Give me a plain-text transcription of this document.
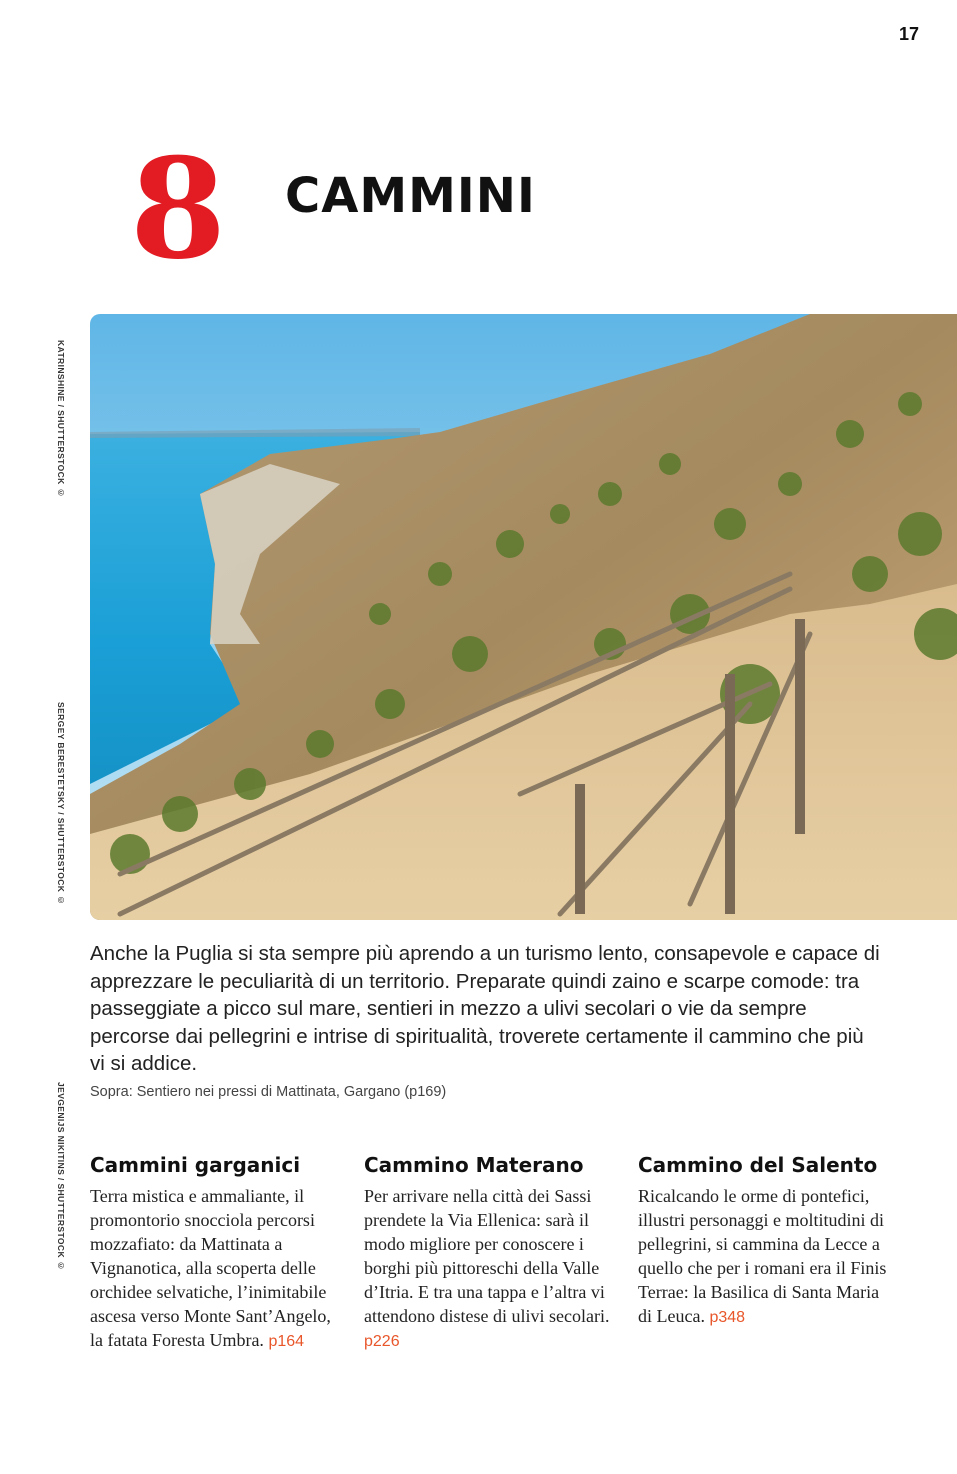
17
8 CAMMINI
KATRINSHINE / SHUTTERSTOCK ©
SERGEY BERESTETSKY / SHUTTERSTOCK ©
JEVGENIJS NIKITINS / SHUTTERSTOCK ©
Anche la Puglia si sta sempre più aprendo a un turismo lento, consapevole e capace di apprezzare le peculiarità di un territorio. Preparate quindi zaino e scarpe comode: tra passeggiate a picco sul mare, sentieri in mezzo a ulivi secolari o vie da sempre percorse dai pellegrini e intrise di spiritualità, troverete certamente il cammino che più vi si addice.
Sopra: Sentiero nei pressi di Mattinata, Gargano (p169)
Cammini garganici

Terra mistica e ammaliante, il promontorio snocciola percorsi mozzafiato: da Mattinata a Vignanotica, alla scoperta delle orchidee selvatiche, l’inimitabile ascesa verso Monte Sant’Angelo, la fatata Foresta Umbra. p164

Cammino Materano

Per arrivare nella città dei Sassi prendete la Via Ellenica: sarà il modo migliore per conoscere i borghi più pittoreschi della Valle d’Itria. E tra una tappa e l’altra vi attendono distese di ulivi secolari. p226

Cammino del Salento

Ricalcando le orme di pontefici, illustri personaggi e moltitudini di pellegrini, si cammina da Lecce a quello che per i romani era il Finis Terrae: la Basilica di Santa Maria di Leuca. p348
